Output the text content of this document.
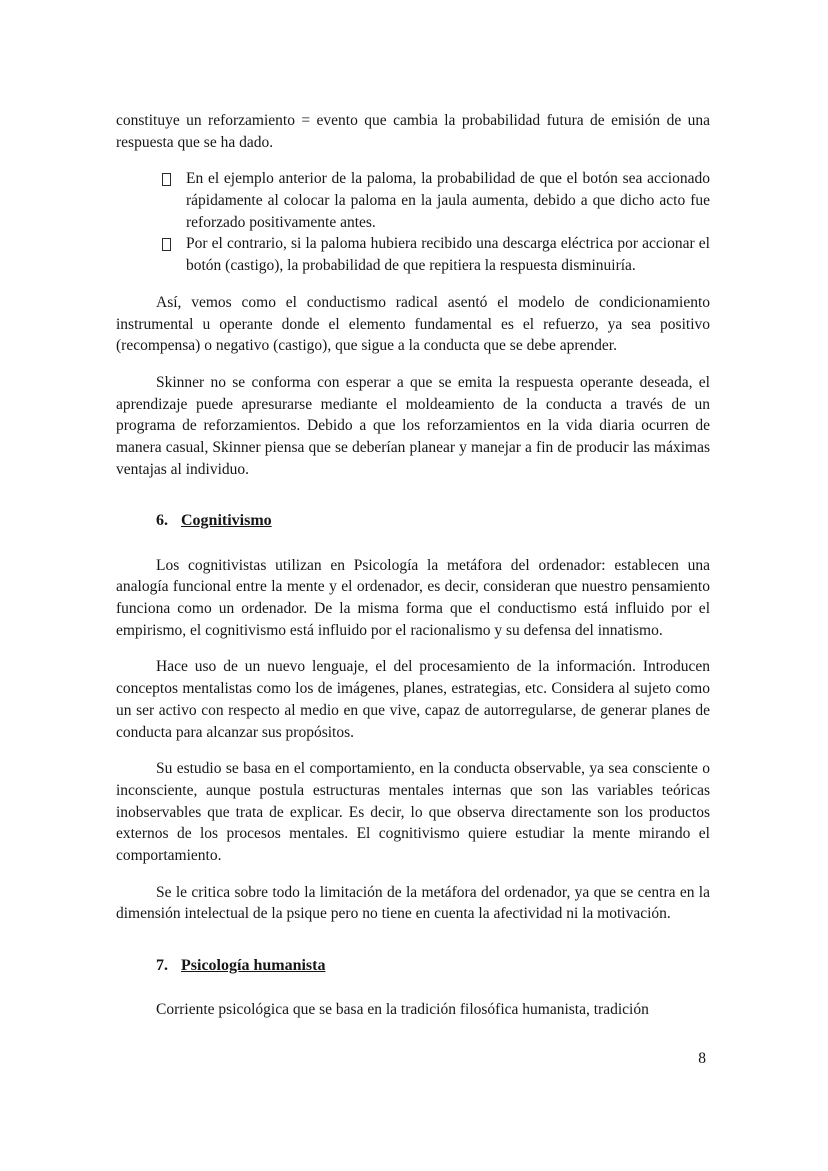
constituye un reforzamiento = evento que cambia la probabilidad futura de emisión de una respuesta que se ha dado.

En el ejemplo anterior de la paloma, la probabilidad de que el botón sea accionado rápidamente al colocar la paloma en la jaula aumenta, debido a que dicho acto fue reforzado positivamente antes.
Por el contrario, si la paloma hubiera recibido una descarga eléctrica por accionar el botón (castigo), la probabilidad de que repitiera la respuesta disminuiría.

Así, vemos como el conductismo radical asentó el modelo de condicionamiento instrumental u operante donde el elemento fundamental es el refuerzo, ya sea positivo (recompensa) o negativo (castigo), que sigue a la conducta que se debe aprender.

Skinner no se conforma con esperar a que se emita la respuesta operante deseada, el aprendizaje puede apresurarse mediante el moldeamiento de la conducta a través de un programa de reforzamientos. Debido a que los reforzamientos en la vida diaria ocurren de manera casual, Skinner piensa que se deberían planear y manejar a fin de producir las máximas ventajas al individuo.

6. Cognitivismo

Los cognitivistas utilizan en Psicología la metáfora del ordenador: establecen una analogía funcional entre la mente y el ordenador, es decir, consideran que nuestro pensamiento funciona como un ordenador. De la misma forma que el conductismo está influido por el empirismo, el cognitivismo está influido por el racionalismo y su defensa del innatismo.

Hace uso de un nuevo lenguaje, el del procesamiento de la información. Introducen conceptos mentalistas como los de imágenes, planes, estrategias, etc. Considera al sujeto como un ser activo con respecto al medio en que vive, capaz de autorregularse, de generar planes de conducta para alcanzar sus propósitos.

Su estudio se basa en el comportamiento, en la conducta observable, ya sea consciente o inconsciente, aunque postula estructuras mentales internas que son las variables teóricas inobservables que trata de explicar. Es decir, lo que observa directamente son los productos externos de los procesos mentales. El cognitivismo quiere estudiar la mente mirando el comportamiento.

Se le critica sobre todo la limitación de la metáfora del ordenador, ya que se centra en la dimensión intelectual de la psique pero no tiene en cuenta la afectividad ni la motivación.

7. Psicología humanista

Corriente psicológica que se basa en la tradición filosófica humanista, tradición

8
